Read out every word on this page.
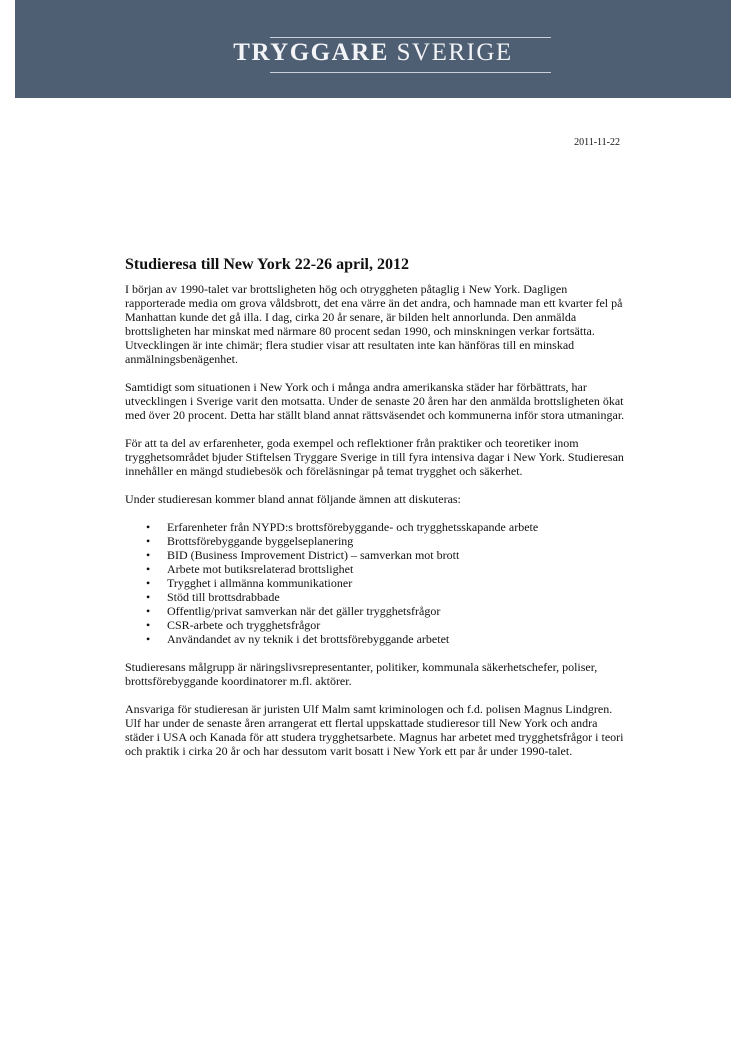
TRYGGARE SVERIGE
2011-11-22
Studieresa till New York 22-26 april, 2012

I början av 1990-talet var brottsligheten hög och otryggheten påtaglig i New York. Dagligen rapporterade media om grova våldsbrott, det ena värre än det andra, och hamnade man ett kvarter fel på Manhattan kunde det gå illa. I dag, cirka 20 år senare, är bilden helt annorlunda. Den anmälda brottsligheten har minskat med närmare 80 procent sedan 1990, och minskningen verkar fortsätta. Utvecklingen är inte chimär; flera studier visar att resultaten inte kan hänföras till en minskad anmälningsbenägenhet.

Samtidigt som situationen i New York och i många andra amerikanska städer har förbättrats, har utvecklingen i Sverige varit den motsatta. Under de senaste 20 åren har den anmälda brottsligheten ökat med över 20 procent. Detta har ställt bland annat rättsväsendet och kommunerna inför stora utmaningar.

För att ta del av erfarenheter, goda exempel och reflektioner från praktiker och teoretiker inom trygghetsområdet bjuder Stiftelsen Tryggare Sverige in till fyra intensiva dagar i New York. Studieresan innehåller en mängd studiebesök och föreläsningar på temat trygghet och säkerhet.

Under studieresan kommer bland annat följande ämnen att diskuteras:

• Erfarenheter från NYPD:s brottsförebyggande- och trygghetsskapande arbete
• Brottsförebyggande byggelseplanering
• BID (Business Improvement District) – samverkan mot brott
• Arbete mot butiksrelaterad brottslighet
• Trygghet i allmänna kommunikationer
• Stöd till brottsdrabbade
• Offentlig/privat samverkan när det gäller trygghetsfrågor
• CSR-arbete och trygghetsfrågor
• Användandet av ny teknik i det brottsförebyggande arbetet

Studieresans målgrupp är näringslivsrepresentanter, politiker, kommunala säkerhetschefer, poliser, brottsförebyggande koordinatorer m.fl. aktörer.

Ansvariga för studieresan är juristen Ulf Malm samt kriminologen och f.d. polisen Magnus Lindgren. Ulf har under de senaste åren arrangerat ett flertal uppskattade studieresor till New York och andra städer i USA och Kanada för att studera trygghetsarbete. Magnus har arbetet med trygghetsfrågor i teori och praktik i cirka 20 år och har dessutom varit bosatt i New York ett par år under 1990-talet.
